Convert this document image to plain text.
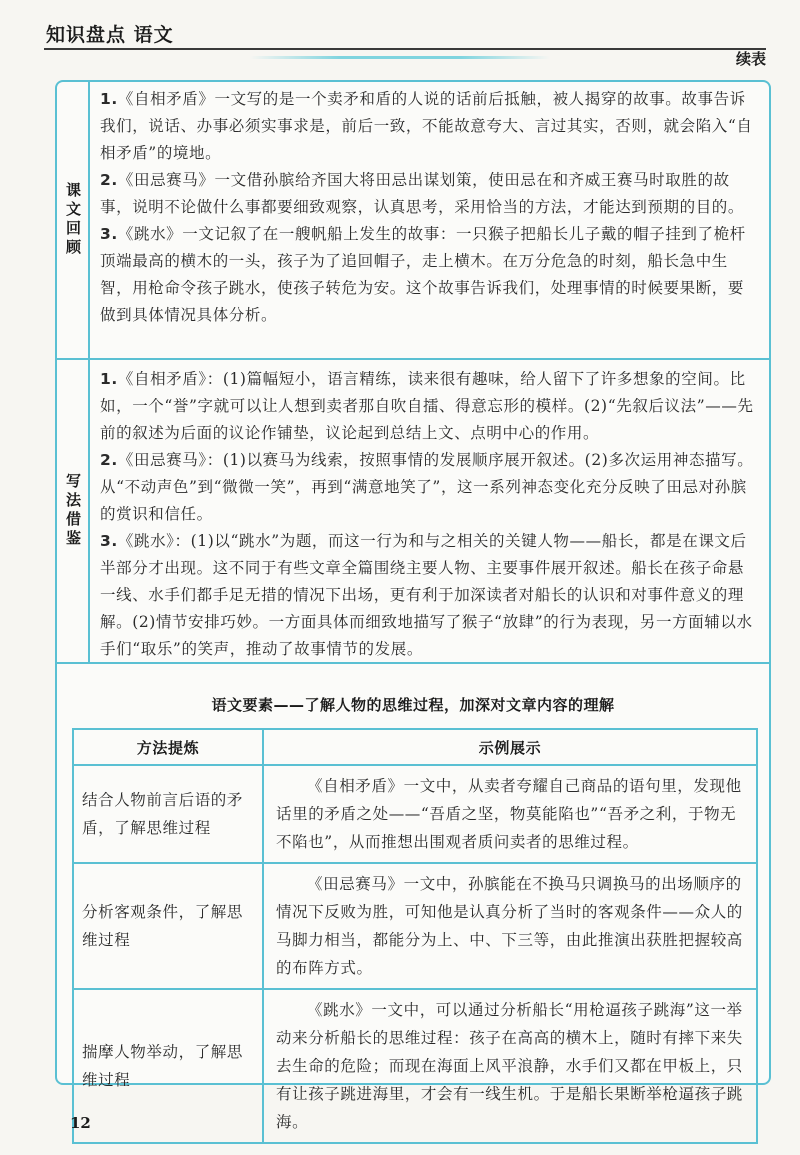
知识盘点 语文
续表
课文回顾

1.《自相矛盾》一文写的是一个卖矛和盾的人说的话前后抵触，被人揭穿的故事。故事告诉我们，说话、办事必须实事求是，前后一致，不能故意夸大、言过其实，否则，就会陷入“自相矛盾”的境地。

2.《田忌赛马》一文借孙膑给齐国大将田忌出谋划策，使田忌在和齐威王赛马时取胜的故事，说明不论做什么事都要细致观察，认真思考，采用恰当的方法，才能达到预期的目的。

3.《跳水》一文记叙了在一艘帆船上发生的故事：一只猴子把船长儿子戴的帽子挂到了桅杆顶端最高的横木的一头，孩子为了追回帽子，走上横木。在万分危急的时刻，船长急中生智，用枪命令孩子跳水，使孩子转危为安。这个故事告诉我们，处理事情的时候要果断，要做到具体情况具体分析。

写法借鉴

1.《自相矛盾》：(1)篇幅短小，语言精练，读来很有趣味，给人留下了许多想象的空间。比如，一个“誉”字就可以让人想到卖者那自吹自擂、得意忘形的模样。(2)“先叙后议法”——先前的叙述为后面的议论作铺垫，议论起到总结上文、点明中心的作用。

2.《田忌赛马》：(1)以赛马为线索，按照事情的发展顺序展开叙述。(2)多次运用神态描写。从“不动声色”到“微微一笑”，再到“满意地笑了”，这一系列神态变化充分反映了田忌对孙膑的赏识和信任。

3.《跳水》：(1)以“跳水”为题，而这一行为和与之相关的关键人物——船长，都是在课文后半部分才出现。这不同于有些文章全篇围绕主要人物、主要事件展开叙述。船长在孩子命悬一线、水手们都手足无措的情况下出场，更有利于加深读者对船长的认识和对事件意义的理解。(2)情节安排巧妙。一方面具体而细致地描写了猴子“放肆”的行为表现，另一方面辅以水手们“取乐”的笑声，推动了故事情节的发展。

语文要素——了解人物的思维过程，加深对文章内容的理解
方法提炼	示例展示
结合人物前言后语的矛盾，了解思维过程	《自相矛盾》一文中，从卖者夸耀自己商品的语句里，发现他话里的矛盾之处——“吾盾之坚，物莫能陷也”“吾矛之利，于物无不陷也”，从而推想出围观者质问卖者的思维过程。
分析客观条件，了解思维过程	《田忌赛马》一文中，孙膑能在不换马只调换马的出场顺序的情况下反败为胜，可知他是认真分析了当时的客观条件——众人的马脚力相当，都能分为上、中、下三等，由此推演出获胜把握较高的布阵方式。
揣摩人物举动，了解思维过程	《跳水》一文中，可以通过分析船长“用枪逼孩子跳海”这一举动来分析船长的思维过程：孩子在高高的横木上，随时有摔下来失去生命的危险；而现在海面上风平浪静，水手们又都在甲板上，只有让孩子跳进海里，才会有一线生机。于是船长果断举枪逼孩子跳海。
12
